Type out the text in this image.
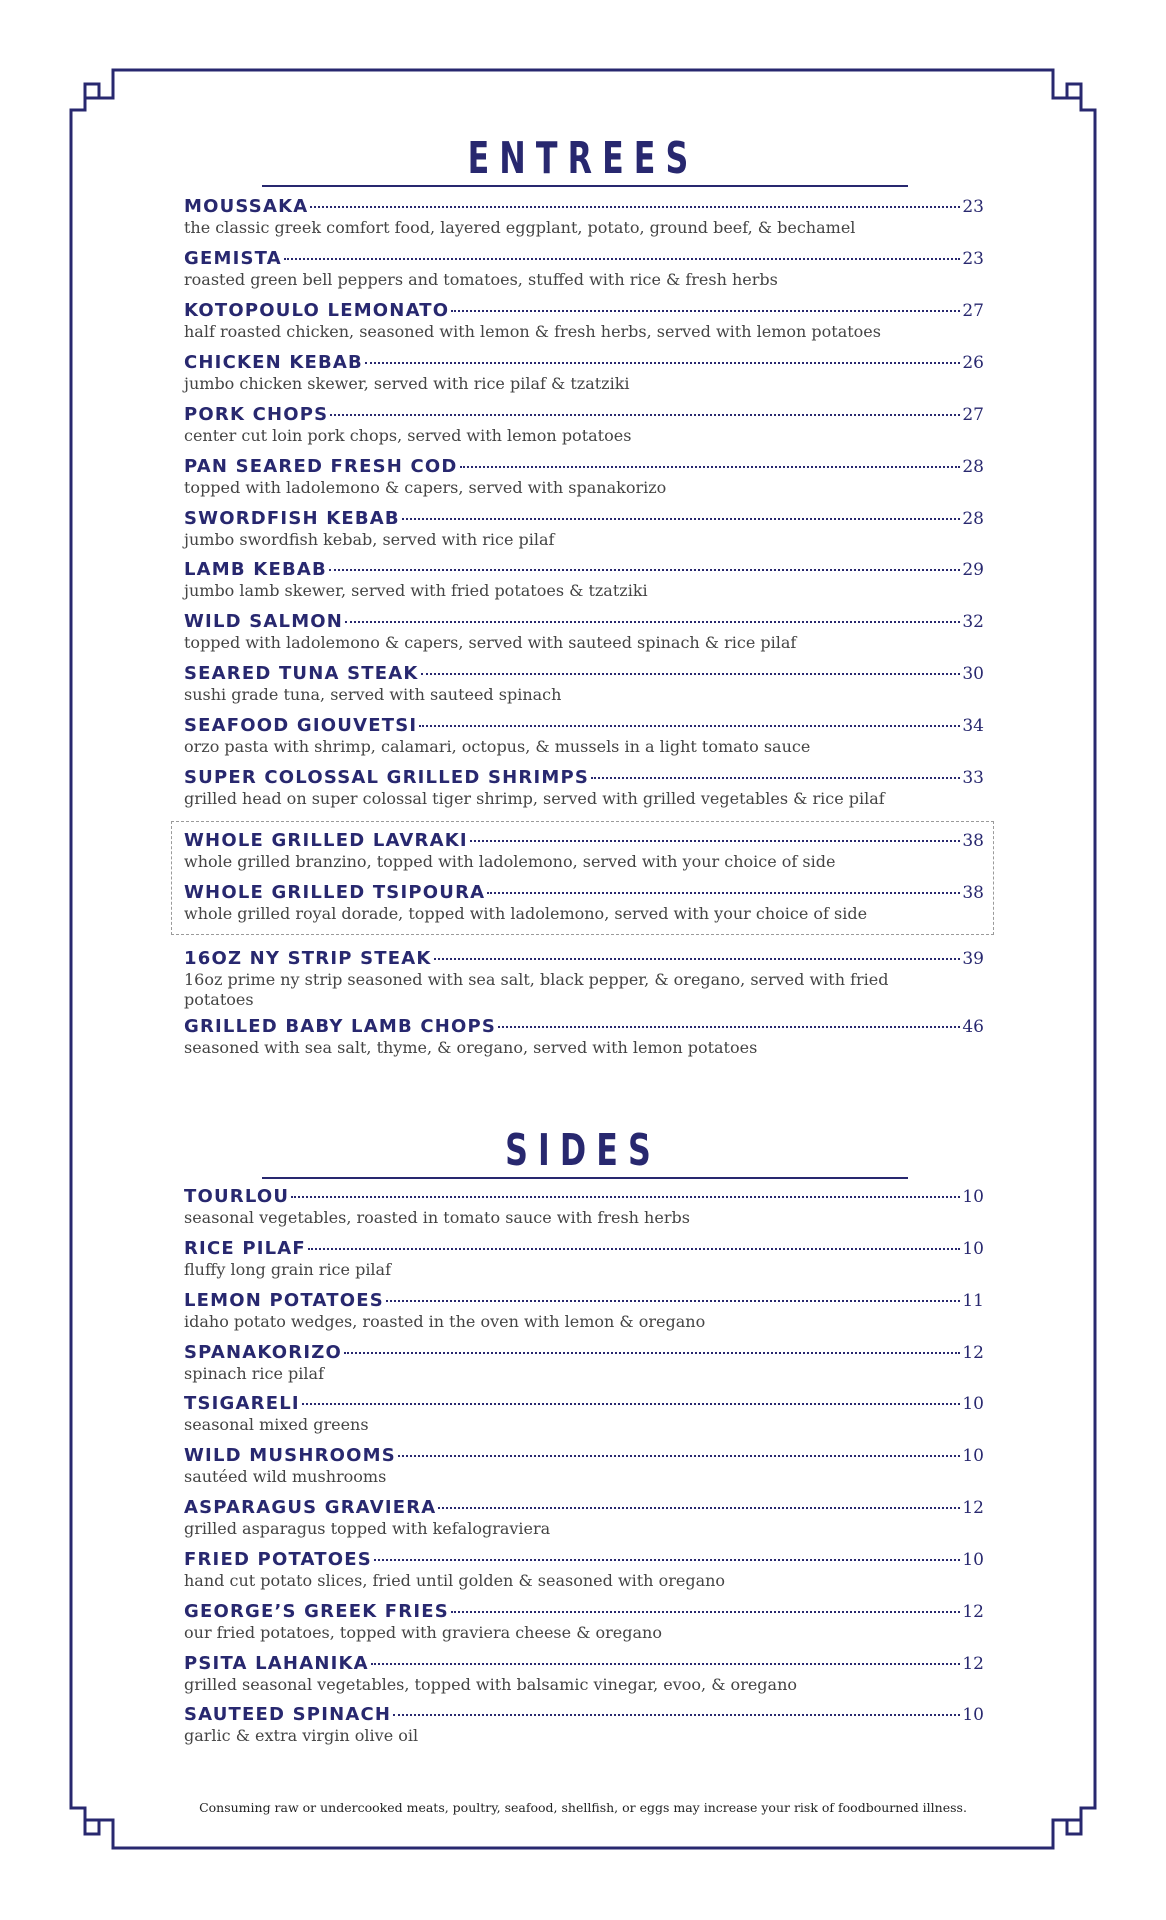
ENTREES
MOUSSAKA	23
the classic greek comfort food, layered eggplant, potato, ground beef, & bechamel
GEMISTA	23
roasted green bell peppers and tomatoes, stuffed with rice & fresh herbs
KOTOPOULO LEMONATO	27
half roasted chicken, seasoned with lemon & fresh herbs, served with lemon potatoes
CHICKEN KEBAB	26
jumbo chicken skewer, served with rice pilaf & tzatziki
PORK CHOPS	27
center cut loin pork chops, served with lemon potatoes
PAN SEARED FRESH COD	28
topped with ladolemono & capers, served with spanakorizo
SWORDFISH KEBAB	28
jumbo swordfish kebab, served with rice pilaf
LAMB KEBAB	29
jumbo lamb skewer, served with fried potatoes & tzatziki
WILD SALMON	32
topped with ladolemono & capers, served with sauteed spinach & rice pilaf
SEARED TUNA STEAK	30
sushi grade tuna, served with sauteed spinach
SEAFOOD GIOUVETSI	34
orzo pasta with shrimp, calamari, octopus, & mussels in a light tomato sauce
SUPER COLOSSAL GRILLED SHRIMPS	33
grilled head on super colossal tiger shrimp, served with grilled vegetables & rice pilaf
WHOLE GRILLED LAVRAKI	38
whole grilled branzino, topped with ladolemono, served with your choice of side
WHOLE GRILLED TSIPOURA	38
whole grilled royal dorade, topped with ladolemono, served with your choice of side
16OZ NY STRIP STEAK	39
16oz prime ny strip seasoned with sea salt, black pepper, & oregano, served with fried potatoes
GRILLED BABY LAMB CHOPS	46
seasoned with sea salt, thyme, & oregano, served with lemon potatoes
SIDES
TOURLOU	10
seasonal vegetables, roasted in tomato sauce with fresh herbs
RICE PILAF	10
fluffy long grain rice pilaf
LEMON POTATOES	11
idaho potato wedges, roasted in the oven with lemon & oregano
SPANAKORIZO	12
spinach rice pilaf
TSIGARELI	10
seasonal mixed greens
WILD MUSHROOMS	10
sautéed wild mushrooms
ASPARAGUS GRAVIERA	12
grilled asparagus topped with kefalograviera
FRIED POTATOES	10
hand cut potato slices, fried until golden & seasoned with oregano
GEORGE’S GREEK FRIES	12
our fried potatoes, topped with graviera cheese & oregano
PSITA LAHANIKA	12
grilled seasonal vegetables, topped with balsamic vinegar, evoo, & oregano
SAUTEED SPINACH	10
garlic & extra virgin olive oil

Consuming raw or undercooked meats, poultry, seafood, shellfish, or eggs may increase your risk of foodbourned illness.
